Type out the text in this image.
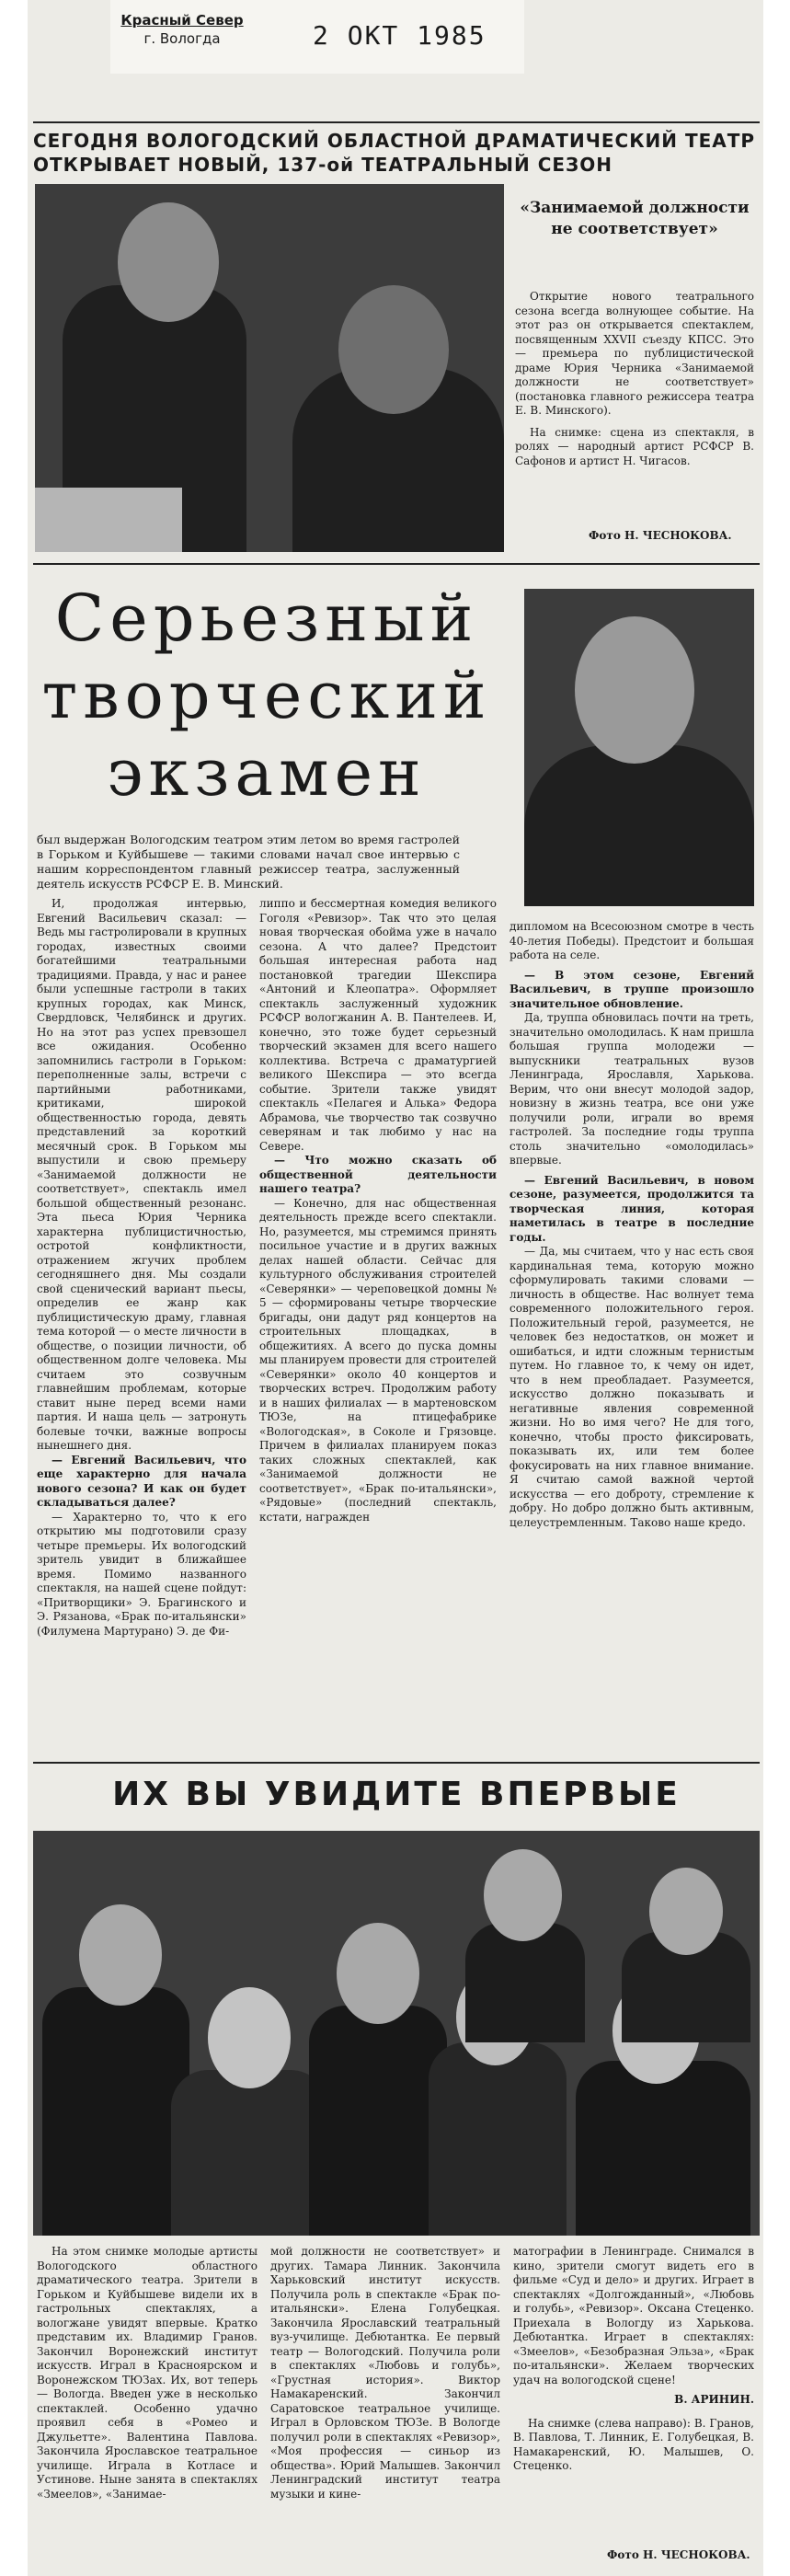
Красный Север
г. Вологда	2 ОКТ 1985
СЕГОДНЯ ВОЛОГОДСКИЙ ОБЛАСТНОЙ ДРАМАТИЧЕСКИЙ ТЕАТР ОТКРЫВАЕТ НОВЫЙ, 137-ой ТЕАТРАЛЬНЫЙ СЕЗОН
«Занимаемой должности не соответствует»

Открытие нового театрального сезона всегда волнующее событие. На этот раз он открывается спектаклем, посвященным XXVII съезду КПСС. Это — премьера по публицистической драме Юрия Черника «Занимаемой должности не соответствует» (постановка главного режиссера театра Е. В. Минского).

На снимке: сцена из спектакля, в ролях — народный артист РСФСР В. Сафонов и артист Н. Чигасов.

Фото Н. ЧЕСНОКОВА.
Серьезный
творческий
экзамен
был выдержан Вологодским театром этим летом во время гастролей в Горьком и Куйбышеве — такими словами начал свое интервью с нашим корреспондентом главный режиссер театра, заслуженный деятель искусств РСФСР Е. В. Минский.

И, продолжая интервью, Евгений Васильевич сказал: — Ведь мы гастролировали в крупных городах, известных своими богатейшими театральными традициями. Правда, у нас и ранее были успешные гастроли в таких крупных городах, как Минск, Свердловск, Челябинск и других. Но на этот раз успех превзошел все ожидания. Особенно запомнились гастроли в Горьком: переполненные залы, встречи с партийными работниками, критиками, широкой общественностью города, девять представлений за короткий месячный срок. В Горьком мы выпустили и свою премьеру «Занимаемой должности не соответствует», спектакль имел большой общественный резонанс. Эта пьеса Юрия Черника характерна публицистичностью, остротой конфликтности, отражением жгучих проблем сегодняшнего дня. Мы создали свой сценический вариант пьесы, определив ее жанр как публицистическую драму, главная тема которой — о месте личности в обществе, о позиции личности, об общественном долге человека. Мы считаем это созвучным главнейшим проблемам, которые ставит ныне перед всеми нами партия. И наша цель — затронуть болевые точки, важные вопросы нынешнего дня.

— Евгений Васильевич, что еще характерно для начала нового сезона? И как он будет складываться далее?

— Характерно то, что к его открытию мы подготовили сразу четыре премьеры. Их вологодский зритель увидит в ближайшее время. Помимо названного спектакля, на нашей сцене пойдут: «Притворщики» Э. Брагинского и Э. Рязанова, «Брак по-итальянски» (Филумена Мартурано) Э. де Фи-

липпо и бессмертная комедия великого Гоголя «Ревизор». Так что это целая новая творческая обойма уже в начало сезона. А что далее? Предстоит большая интересная работа над постановкой трагедии Шекспира «Антоний и Клеопатра». Оформляет спектакль заслуженный художник РСФСР вологжанин А. В. Пантелеев. И, конечно, это тоже будет серьезный творческий экзамен для всего нашего коллектива. Встреча с драматургией великого Шекспира — это всегда событие. Зрители также увидят спектакль «Пелагея и Алька» Федора Абрамова, чье творчество так созвучно северянам и так любимо у нас на Севере.

— Что можно сказать об общественной деятельности нашего театра?

— Конечно, для нас общественная деятельность прежде всего спектакли. Но, разумеется, мы стремимся принять посильное участие и в других важных делах нашей области. Сейчас для культурного обслуживания строителей «Северянки» — череповецкой домны № 5 — сформированы четыре творческие бригады, они дадут ряд концертов на строительных площадках, в общежитиях. А всего до пуска домны мы планируем провести для строителей «Северянки» около 40 концертов и творческих встреч. Продолжим работу и в наших филиалах — в мартеновском ТЮЗе, на птицефабрике «Вологодская», в Соколе и Грязовце. Причем в филиалах планируем показ таких сложных спектаклей, как «Занимаемой должности не соответствует», «Брак по-итальянски», «Рядовые» (последний спектакль, кстати, награжден

дипломом на Всесоюзном смотре в честь 40-летия Победы). Предстоит и большая работа на селе.

— В этом сезоне, Евгений Васильевич, в труппе произошло значительное обновление.

Да, труппа обновилась почти на треть, значительно омолодилась. К нам пришла большая группа молодежи — выпускники театральных вузов Ленинграда, Ярославля, Харькова. Верим, что они внесут молодой задор, новизну в жизнь театра, все они уже получили роли, играли во время гастролей. За последние годы труппа столь значительно «омолодилась» впервые.

— Евгений Васильевич, в новом сезоне, разумеется, продолжится та творческая линия, которая наметилась в театре в последние годы.

— Да, мы считаем, что у нас есть своя кардинальная тема, которую можно сформулировать такими словами — личность в обществе. Нас волнует тема современного положительного героя. Положительный герой, разумеется, не человек без недостатков, он может и ошибаться, и идти сложным тернистым путем. Но главное то, к чему он идет, что в нем преобладает. Разумеется, искусство должно показывать и негативные явления современной жизни. Но во имя чего? Не для того, конечно, чтобы просто фиксировать, показывать их, или тем более фокусировать на них главное внимание. Я считаю самой важной чертой искусства — его доброту, стремление к добру. Но добро должно быть активным, целеустремленным. Таково наше кредо.

ИХ ВЫ УВИДИТЕ ВПЕРВЫЕ

На этом снимке молодые артисты Вологодского областного драматического театра. Зрители в Горьком и Куйбышеве видели их в гастрольных спектаклях, а вологжане увидят впервые. Кратко представим их. Владимир Гранов. Закончил Воронежский институт искусств. Играл в Красноярском и Воронежском ТЮЗах. Их, вот теперь — Вологда. Введен уже в несколько спектаклей. Особенно удачно проявил себя в «Ромео и Джульетте». Валентина Павлова. Закончила Ярославское театральное училище. Играла в Котласе и Устинове. Ныне занята в спектаклях «Змеелов», «Занимае-

мой должности не соответствует» и других. Тамара Линник. Закончила Харьковский институт искусств. Получила роль в спектакле «Брак по-итальянски». Елена Голубецкая. Закончила Ярославский театральный вуз-училище. Дебютантка. Ее первый театр — Вологодский. Получила роли в спектаклях «Любовь и голубь», «Грустная история». Виктор Намакаренский. Закончил Саратовское театральное училище. Играл в Орловском ТЮЗе. В Вологде получил роли в спектаклях «Ревизор», «Моя профессия — синьор из общества». Юрий Малышев. Закончил Ленинградский институт театра музыки и кине-

матографии в Ленинграде. Снимался в кино, зрители смогут видеть его в фильме «Суд и дело» и других. Играет в спектаклях «Долгожданный», «Любовь и голубь», «Ревизор». Оксана Стеценко. Приехала в Вологду из Харькова. Дебютантка. Играет в спектаклях: «Змеелов», «Безобразная Эльза», «Брак по-итальянски». Желаем творческих удач на вологодской сцене!

В. АРИНИН.

На снимке (слева направо): В. Гранов, В. Павлова, Т. Линник, Е. Голубецкая, В. Намакаренский, Ю. Малышев, О. Стеценко.

Фото Н. ЧЕСНОКОВА.
